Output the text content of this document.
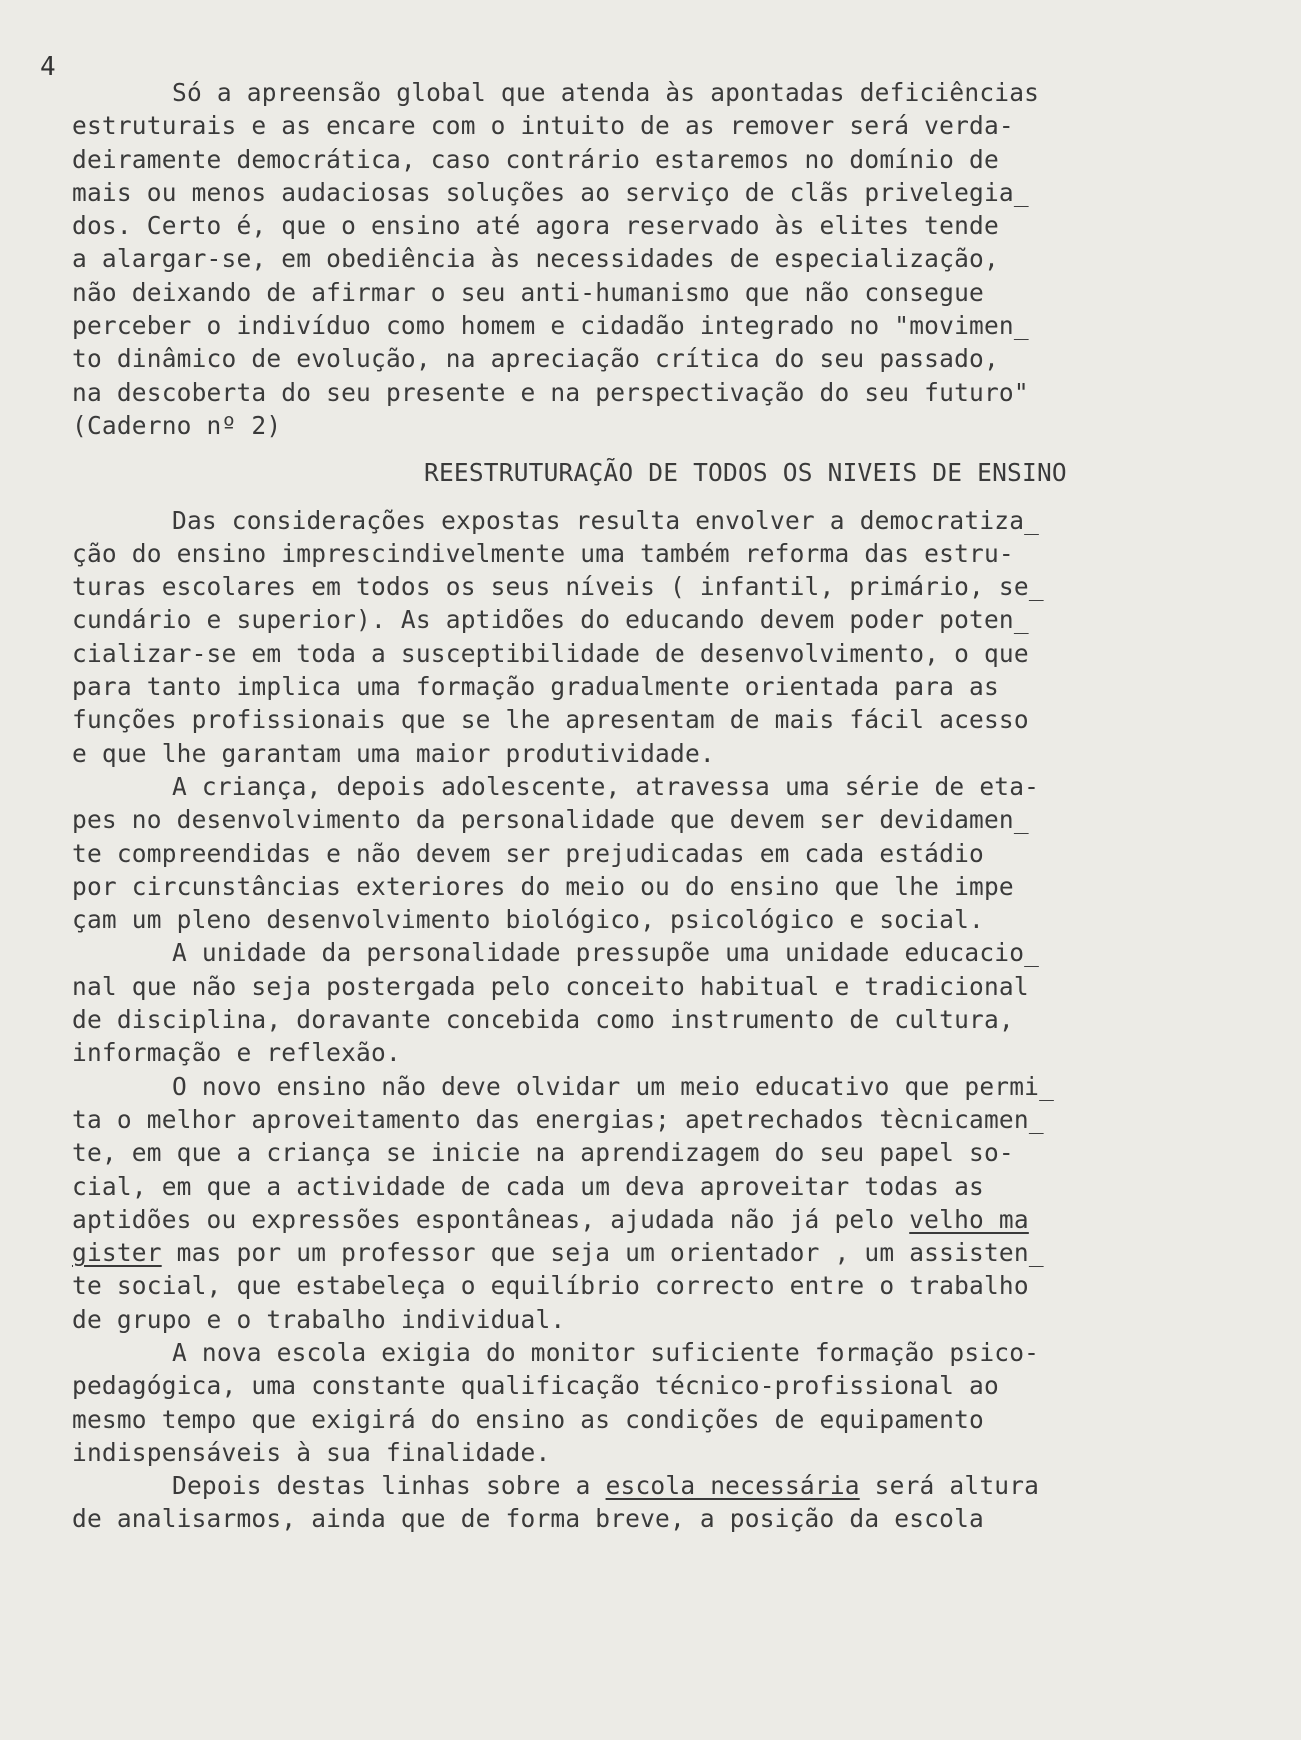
4
Só a apreensão global que atenda às apontadas deficiências
estruturais e as encare com o intuito de as remover será verda-
deiramente democrática, caso contrário estaremos no domínio de
mais ou menos audaciosas soluções ao serviço de clãs privelegia_
dos. Certo é, que o ensino até agora reservado às elites tende
a alargar-se, em obediência às necessidades de especialização,
não deixando de afirmar o seu anti-humanismo que não consegue
perceber o indivíduo como homem e cidadão integrado no "movimen_
to dinâmico de evolução, na apreciação crítica do seu passado,
na descoberta do seu presente e na perspectivação do seu futuro"
(Caderno nº 2)
REESTRUTURAÇÃO DE TODOS OS NIVEIS DE ENSINO
Das considerações expostas resulta envolver a democratiza_
ção do ensino imprescindivelmente uma também reforma das estru-
turas escolares em todos os seus níveis ( infantil, primário, se_
cundário e superior). As aptidões do educando devem poder poten_
cializar-se em toda a susceptibilidade de desenvolvimento, o que
para tanto implica uma formação gradualmente orientada para as
funções profissionais que se lhe apresentam de mais fácil acesso
e que lhe garantam uma maior produtividade.
A criança, depois adolescente, atravessa uma série de eta-
pes no desenvolvimento da personalidade que devem ser devidamen_
te compreendidas e não devem ser prejudicadas em cada estádio
por circunstâncias exteriores do meio ou do ensino que lhe impe
çam um pleno desenvolvimento biológico, psicológico e social.
A unidade da personalidade pressupõe uma unidade educacio_
nal que não seja postergada pelo conceito habitual e tradicional
de disciplina, doravante concebida como instrumento de cultura,
informação e reflexão.
O novo ensino não deve olvidar um meio educativo que permi_
ta o melhor aproveitamento das energias; apetrechados tècnicamen_
te, em que a criança se inicie na aprendizagem do seu papel so-
cial, em que a actividade de cada um deva aproveitar todas as
aptidões ou expressões espontâneas, ajudada não já pelo velho ma
gister mas por um professor que seja um orientador , um assisten_
te social, que estabeleça o equilíbrio correcto entre o trabalho
de grupo e o trabalho individual.
A nova escola exigia do monitor suficiente formação psico-
pedagógica, uma constante qualificação técnico-profissional ao
mesmo tempo que exigirá do ensino as condições de equipamento
indispensáveis à sua finalidade.
Depois destas linhas sobre a escola necessária será altura
de analisarmos, ainda que de forma breve, a posição da escola
